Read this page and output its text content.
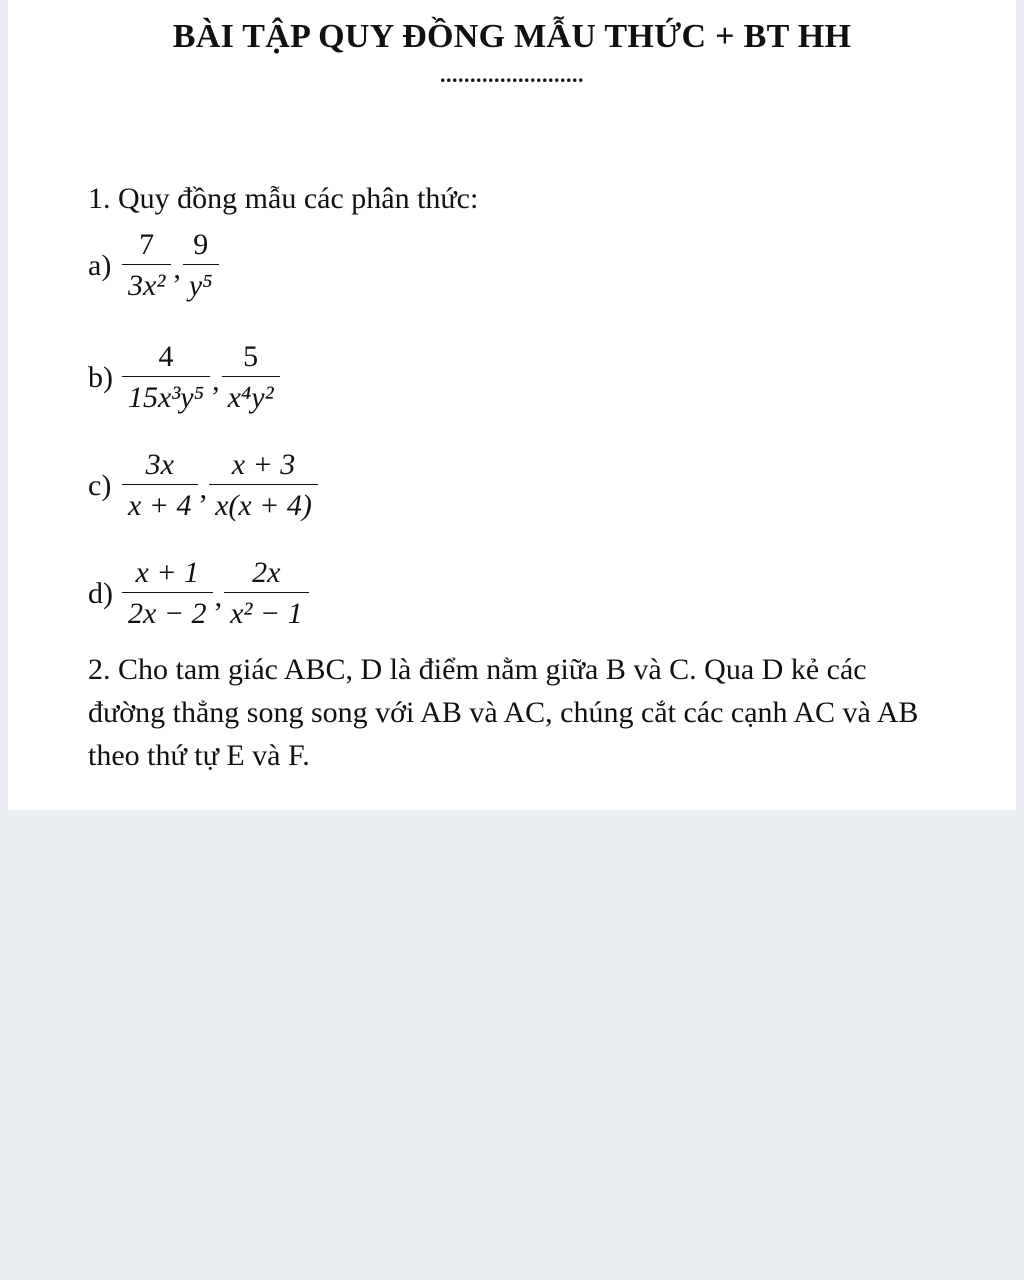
BÀI TẬP QUY ĐỒNG MẪU THỨC + BT HH
........................
1. Quy đồng mẫu các phân thức:
$a) \frac{7}{\text{3x²}}$ , $\frac{9}{\text{y⁵}}$
$b) \frac{4}{\text{15x³y⁵}}$ , $\frac{5}{\text{x⁴y²}}$
$c) \frac{3x}{x + 4}$ , $\frac{x + 3}{x(x + 4)}$
$d) \frac{x + 1}{2x - 2}$ , $\frac{2x}{\text{x² − 1}}$
2. Cho tam giác ABC, D là điểm nằm giữa B và C. Qua D kẻ các đường thẳng song song với AB và AC, chúng cắt các cạnh AC và AB theo thứ tự E và F.
